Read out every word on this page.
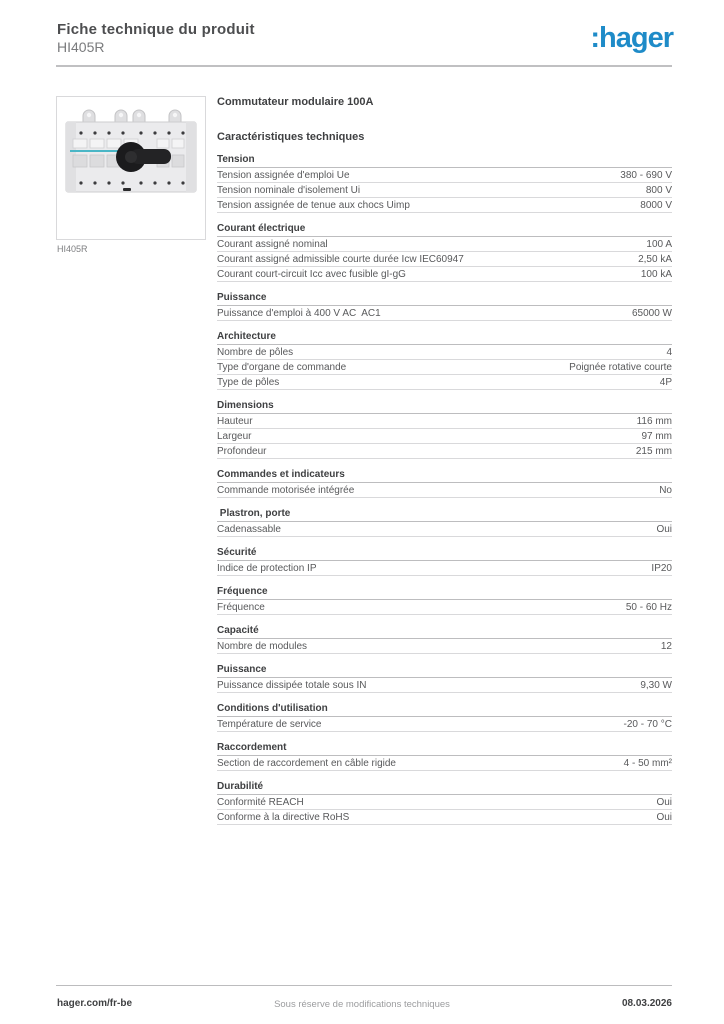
Fiche technique du produit
HI405R	:hager
HI405R
Commutateur modulaire 100A
Caractéristiques techniques
Tension
Tension assignée d'emploi Ue	380 - 690 V
Tension nominale d'isolement Ui	800 V
Tension assignée de tenue aux chocs Uimp	8000 V
Courant électrique
Courant assigné nominal	100 A
Courant assigné admissible courte durée Icw IEC60947	2,50 kA
Courant court-circuit Icc avec fusible gI-gG	100 kA
Puissance
Puissance d'emploi à 400 V AC  AC1	65000 W
Architecture
Nombre de pôles	4
Type d'organe de commande	Poignée rotative courte
Type de pôles	4P
Dimensions
Hauteur	116 mm
Largeur	97 mm
Profondeur	215 mm
Commandes et indicateurs
Commande motorisée intégrée	No
Plastron, porte
Cadenassable	Oui
Sécurité
Indice de protection IP	IP20
Fréquence
Fréquence	50 - 60 Hz
Capacité
Nombre de modules	12
Puissance
Puissance dissipée totale sous IN	9,30 W
Conditions d'utilisation
Température de service	-20 - 70 °C
Raccordement
Section de raccordement en câble rigide	4 - 50 mm²
Durabilité
Conformité REACH	Oui
Conforme à la directive RoHS	Oui
hager.com/fr-be	Sous réserve de modifications techniques	08.03.2026
